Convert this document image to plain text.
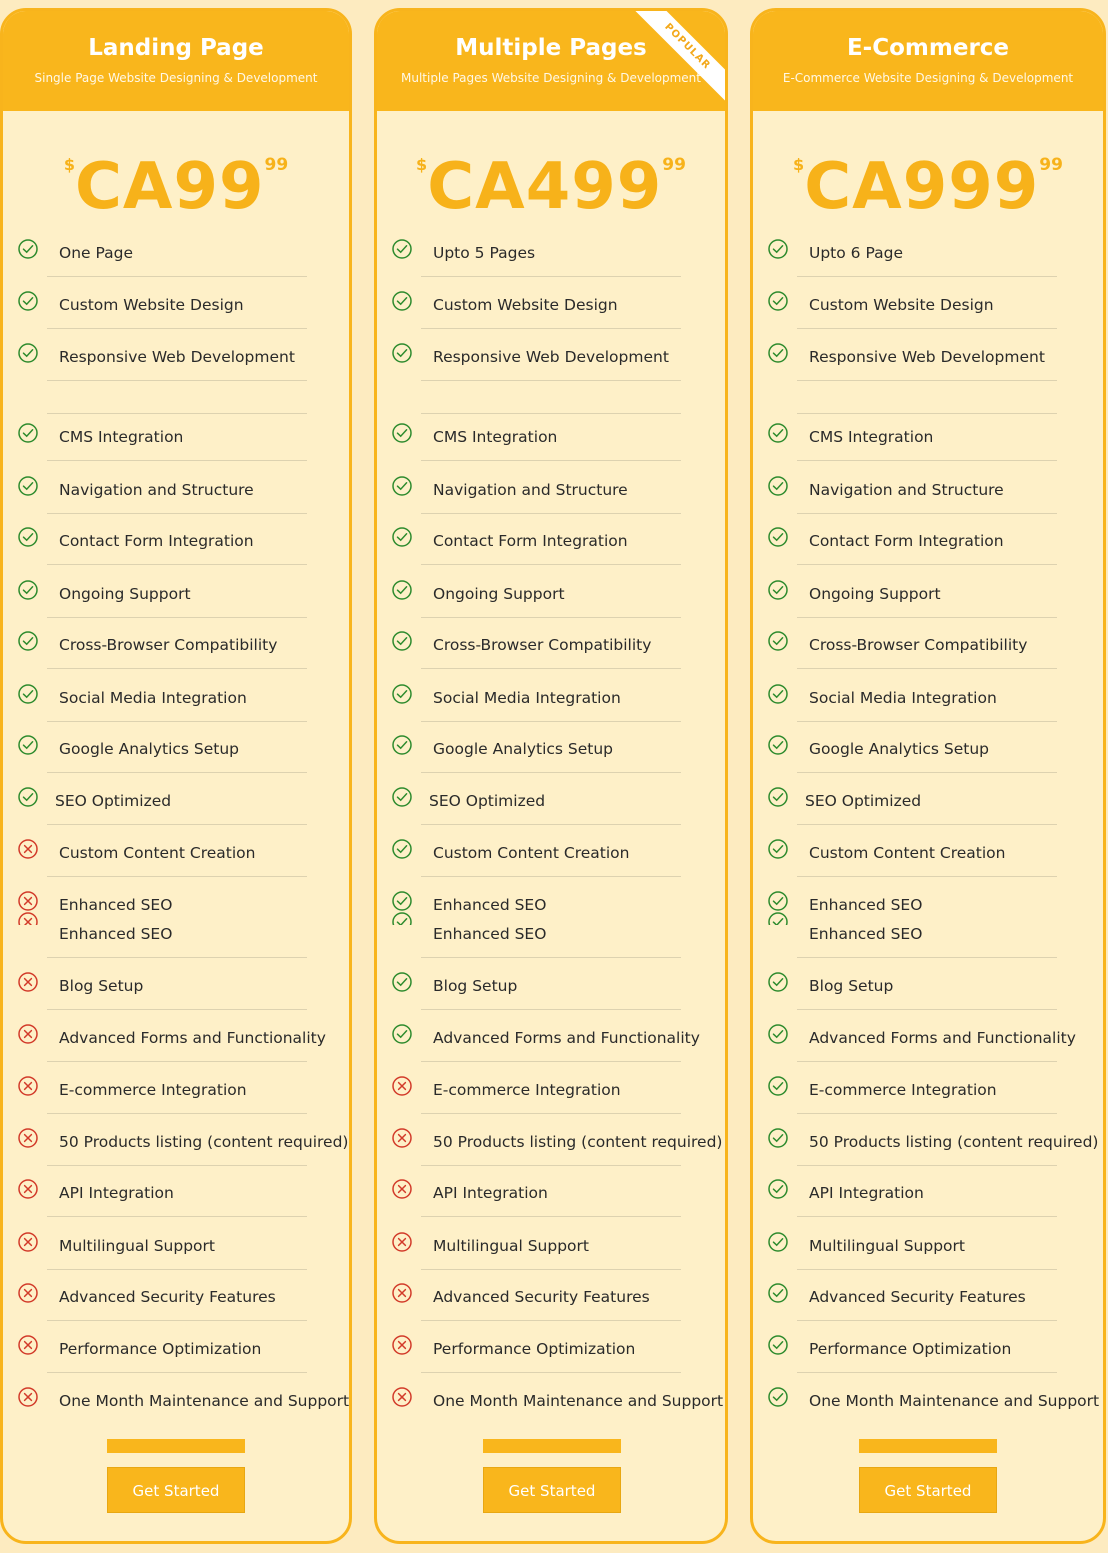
Landing Page
Single Page Website Designing & Development
$CA9999
One Page
Custom Website Design
Responsive Web Development
CMS Integration
Navigation and Structure
Contact Form Integration
Ongoing Support
Cross-Browser Compatibility
Social Media Integration
Google Analytics Setup
SEO Optimized
Custom Content Creation
Enhanced SEO
Enhanced SEO
Blog Setup
Advanced Forms and Functionality
E-commerce Integration
50 Products listing (content required)
API Integration
Multilingual Support
Advanced Security Features
Performance Optimization
One Month Maintenance and Support
Get Started
Multiple Pages
Multiple Pages Website Designing & Development
POPULAR
$CA49999
Upto 5 Pages
Custom Website Design
Responsive Web Development
CMS Integration
Navigation and Structure
Contact Form Integration
Ongoing Support
Cross-Browser Compatibility
Social Media Integration
Google Analytics Setup
SEO Optimized
Custom Content Creation
Enhanced SEO
Enhanced SEO
Blog Setup
Advanced Forms and Functionality
E-commerce Integration
50 Products listing (content required)
API Integration
Multilingual Support
Advanced Security Features
Performance Optimization
One Month Maintenance and Support
Get Started
E-Commerce
E-Commerce Website Designing & Development
$CA99999
Upto 6 Page
Custom Website Design
Responsive Web Development
CMS Integration
Navigation and Structure
Contact Form Integration
Ongoing Support
Cross-Browser Compatibility
Social Media Integration
Google Analytics Setup
SEO Optimized
Custom Content Creation
Enhanced SEO
Enhanced SEO
Blog Setup
Advanced Forms and Functionality
E-commerce Integration
50 Products listing (content required)
API Integration
Multilingual Support
Advanced Security Features
Performance Optimization
One Month Maintenance and Support
Get Started
